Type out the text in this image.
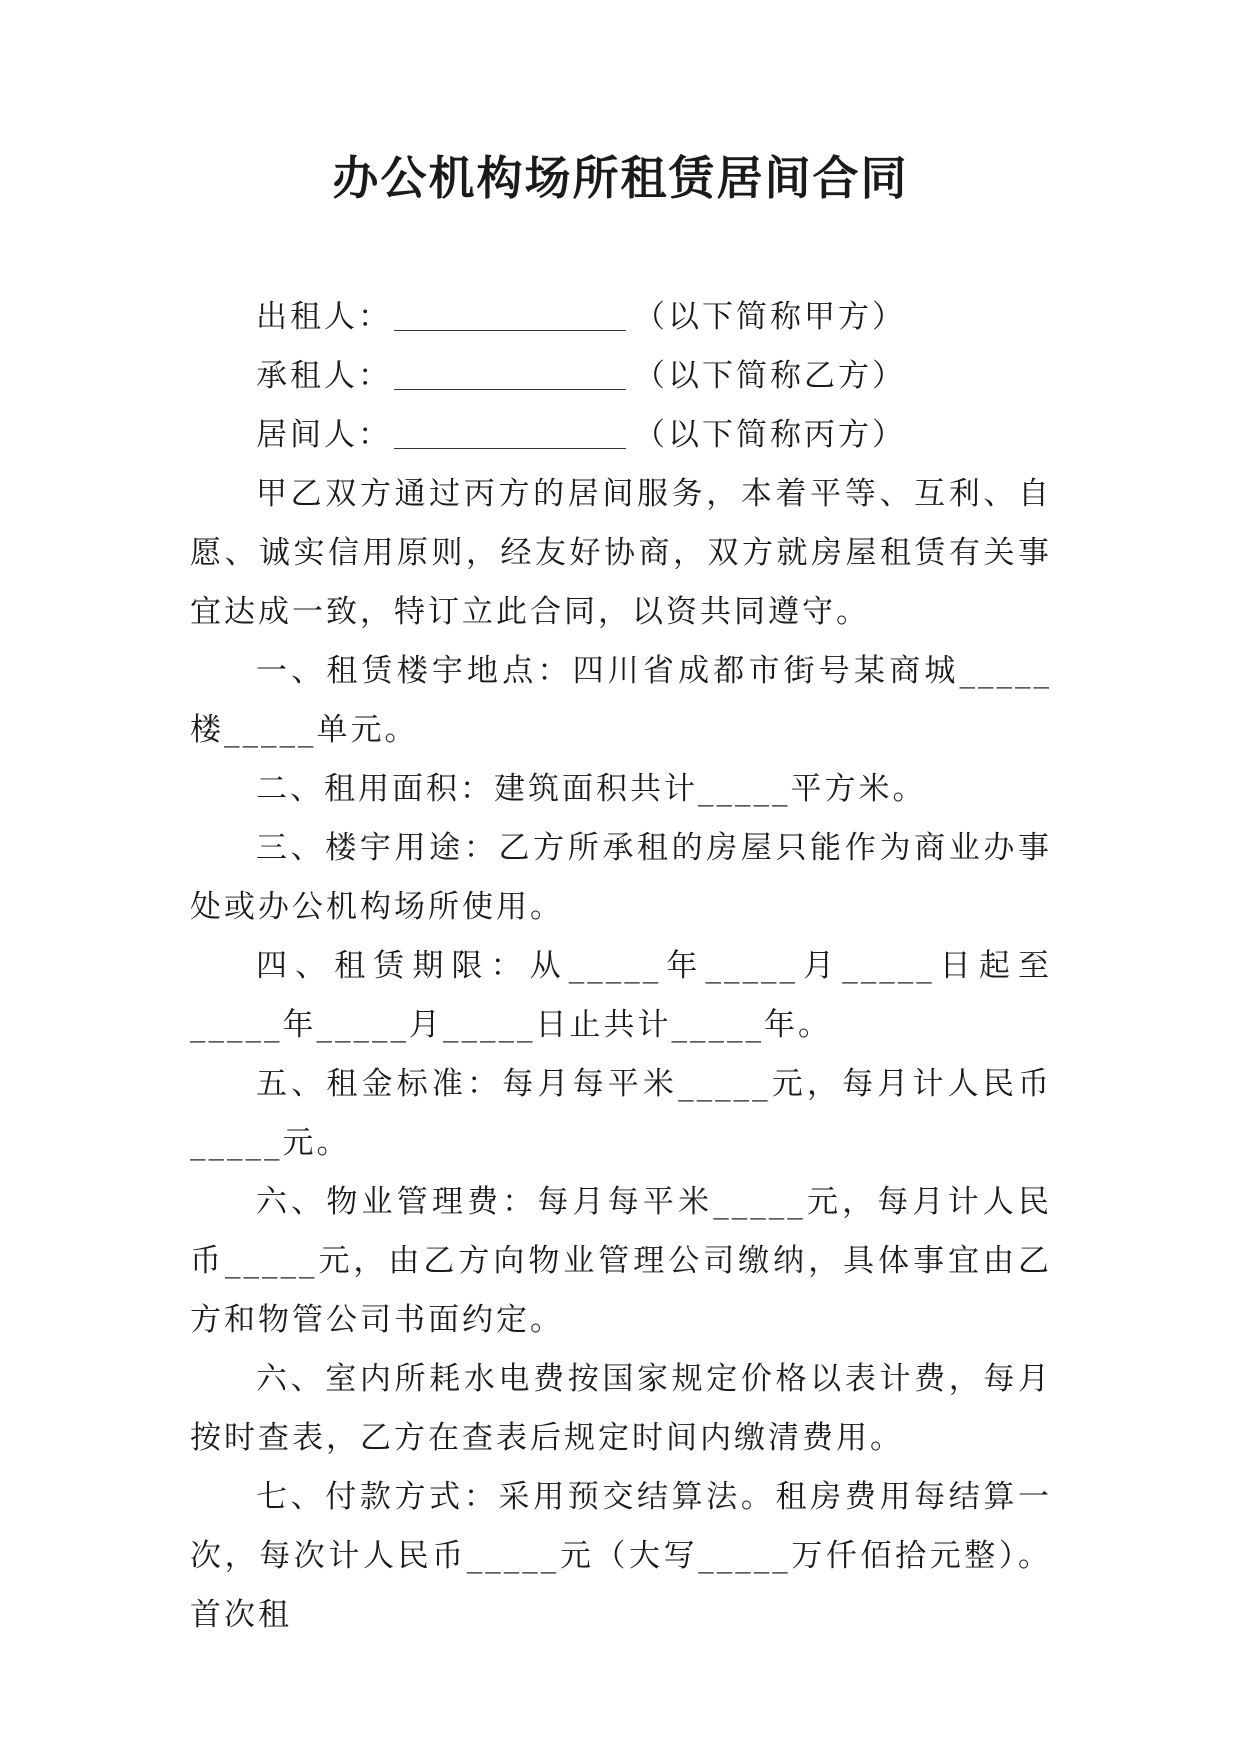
办公机构场所租赁居间合同

出租人：	（以下简称甲方）

承租人：	（以下简称乙方）

居间人：	（以下简称丙方）

甲乙双方通过丙方的居间服务，本着平等、互利、自愿、诚实信用原则，经友好协商，双方就房屋租赁有关事宜达成一致，特订立此合同，以资共同遵守。

一、租赁楼宇地点：四川省成都市街号某商城_____楼_____单元。

二、租用面积：建筑面积共计_____平方米。

三、楼宇用途：乙方所承租的房屋只能作为商业办事处或办公机构场所使用。

四、租赁期限：从_____年_____月_____日起至_____年_____月_____日止共计_____年。

五、租金标准：每月每平米_____元，每月计人民币_____元。

六、物业管理费：每月每平米_____元，每月计人民币_____元，由乙方向物业管理公司缴纳，具体事宜由乙方和物管公司书面约定。

六、室内所耗水电费按国家规定价格以表计费，每月按时查表，乙方在查表后规定时间内缴清费用。

七、付款方式：采用预交结算法。租房费用每结算一次，每次计人民币_____元（大写_____万仟佰拾元整）。首次租
